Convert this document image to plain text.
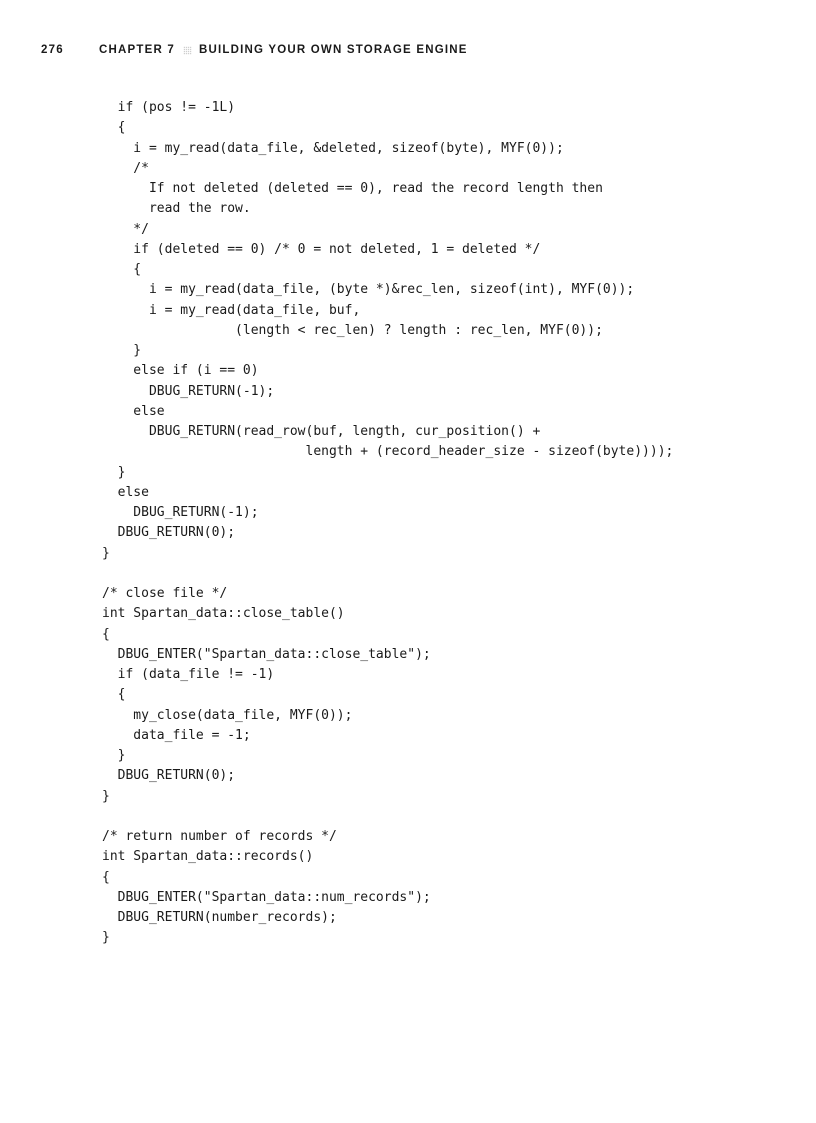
276	CHAPTER 7 BUILDING YOUR OWN STORAGE ENGINE
if (pos != -1L)
{
i = my_read(data_file, &deleted, sizeof(byte), MYF(0));
/*
If not deleted (deleted == 0), read the record length then
read the row.
*/
if (deleted == 0) /* 0 = not deleted, 1 = deleted */
{
i = my_read(data_file, (byte *)&rec_len, sizeof(int), MYF(0));
i = my_read(data_file, buf,
(length < rec_len) ? length : rec_len, MYF(0));
}
else if (i == 0)
DBUG_RETURN(-1);
else
DBUG_RETURN(read_row(buf, length, cur_position() +
length + (record_header_size - sizeof(byte))));
}
else
DBUG_RETURN(-1);
DBUG_RETURN(0);
}
/* close file */
int Spartan_data::close_table()
{
DBUG_ENTER("Spartan_data::close_table");
if (data_file != -1)
{
my_close(data_file, MYF(0));
data_file = -1;
}
DBUG_RETURN(0);
}
/* return number of records */
int Spartan_data::records()
{
DBUG_ENTER("Spartan_data::num_records");
DBUG_RETURN(number_records);
}
